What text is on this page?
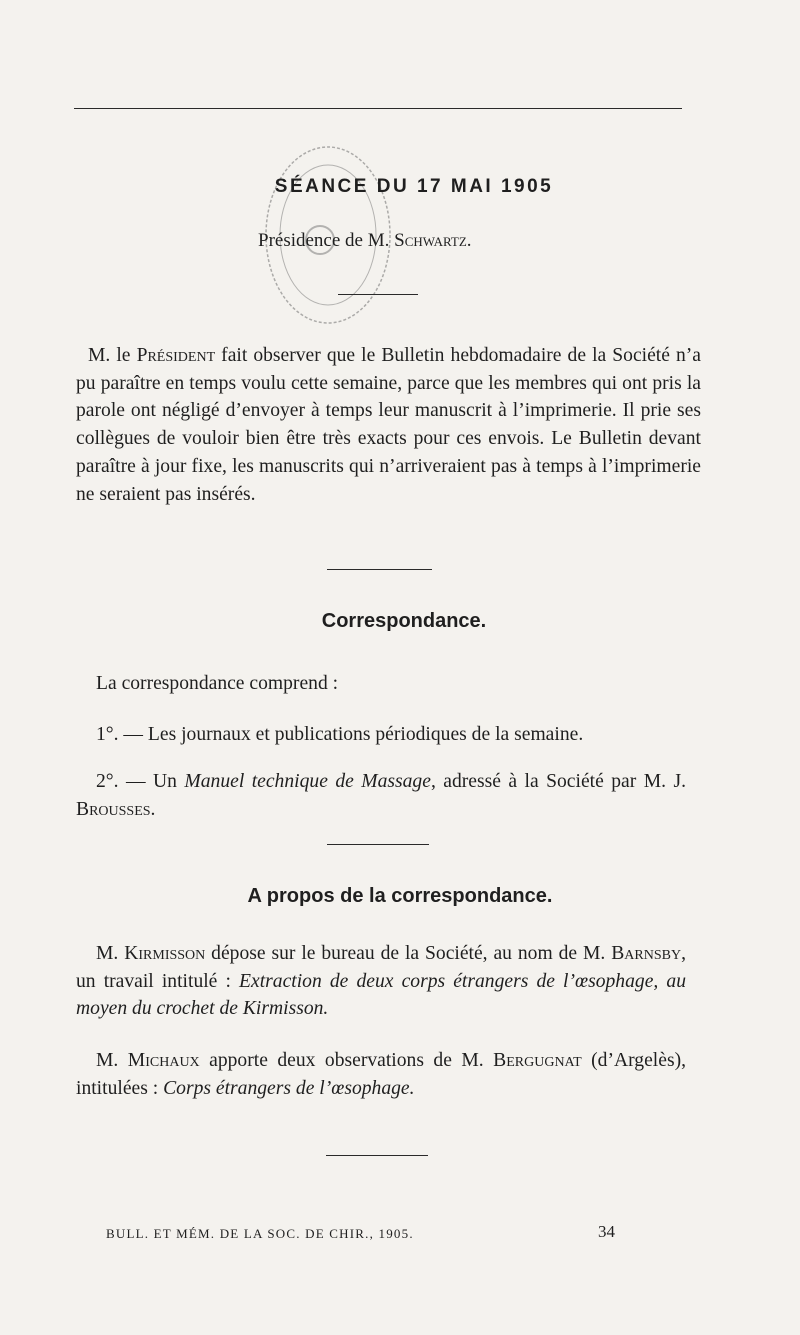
SÉANCE DU 17 MAI 1905
Présidence de M. Schwartz.

M. le Président fait observer que le Bulletin hebdomadaire de la Société n’a pu paraître en temps voulu cette semaine, parce que les membres qui ont pris la parole ont négligé d’envoyer à temps leur manuscrit à l’imprimerie. Il prie ses collègues de vouloir bien être très exacts pour ces envois. Le Bulletin devant paraître à jour fixe, les manuscrits qui n’arriveraient pas à temps à l’imprimerie ne seraient pas insérés.

Correspondance.
La correspondance comprend :
1°. — Les journaux et publications périodiques de la semaine.

2°. — Un Manuel technique de Massage, adressé à la Société par M. J. Brousses.

A propos de la correspondance.

M. Kirmisson dépose sur le bureau de la Société, au nom de M. Barnsby, un travail intitulé : Extraction de deux corps étrangers de l’œsophage, au moyen du crochet de Kirmisson.

M. Michaux apporte deux observations de M. Bergugnat (d’Argelès), intitulées : Corps étrangers de l’œsophage.

BULL. ET MÉM. DE LA SOC. DE CHIR., 1905.	34
